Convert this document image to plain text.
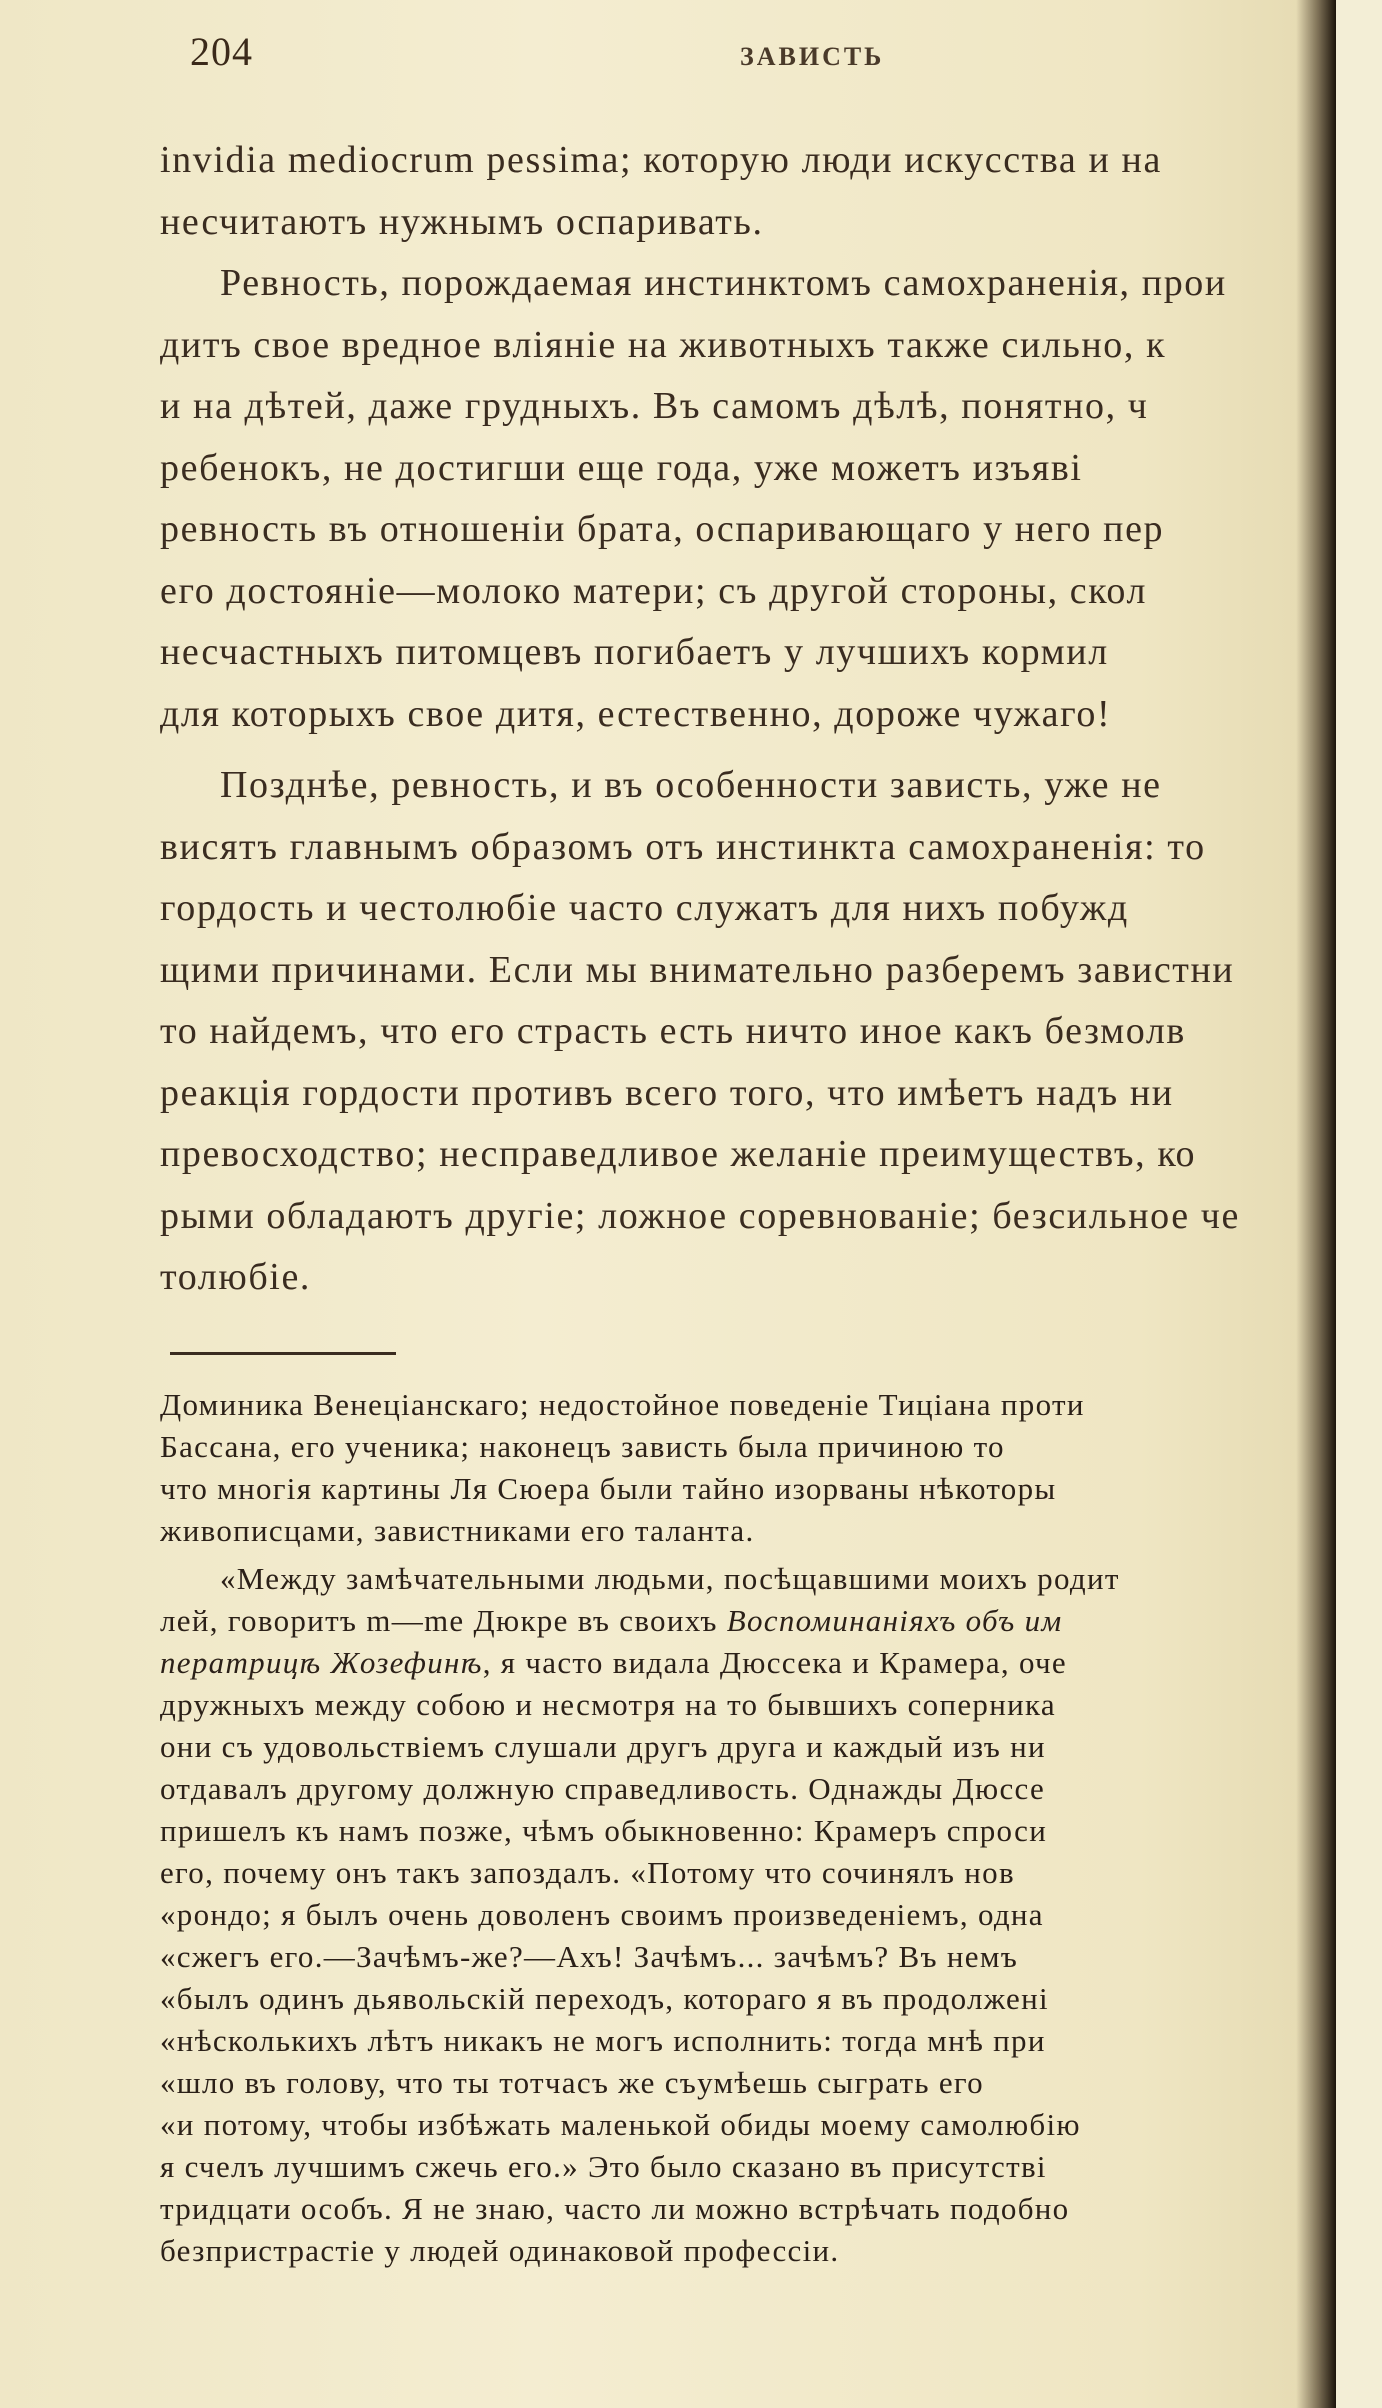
204	ЗАВИСТЬ
invidia mediocrum pessima; которую люди искусства и на
несчитаютъ нужнымъ оспаривать.
Ревность, порождаемая инстинктомъ самохраненія, прои
дитъ свое вредное вліяніе на животныхъ также сильно, к
и на дѣтей, даже грудныхъ. Въ самомъ дѣлѣ, понятно, ч
ребенокъ, не достигши еще года, уже можетъ изъяві
ревность въ отношеніи брата, оспаривающаго у него пер
его достояніе—молоко матери; съ другой стороны, скол
несчастныхъ питомцевъ погибаетъ у лучшихъ кормил
для которыхъ свое дитя, естественно, дороже чужаго!
Позднѣе, ревность, и въ особенности зависть, уже не
висятъ главнымъ образомъ отъ инстинкта самохраненія: то
гордость и честолюбіе часто служатъ для нихъ побужд
щими причинами. Если мы внимательно разберемъ завистни
то найдемъ, что его страсть есть ничто иное какъ безмолв
реакція гордости противъ всего того, что имѣетъ надъ ни
превосходство; несправедливое желаніе преимуществъ, ко
рыми обладаютъ другіе; ложное соревнованіе; безсильное че
толюбіе.
Доминика Венеціанскаго; недостойное поведеніе Тиціана проти
Бассана, его ученика; наконецъ зависть была причиною то
что многія картины Ля Сюера были тайно изорваны нѣкоторы
живописцами, завистниками его таланта.
«Между замѣчательными людьми, посѣщавшими моихъ родит
лей, говоритъ m—me Дюкре въ своихъ Воспоминаніяхъ объ им
ператрицѣ Жозефинѣ, я часто видала Дюссека и Крамера, оче
дружныхъ между собою и несмотря на то бывшихъ соперника
они съ удовольствіемъ слушали другъ друга и каждый изъ ни
отдавалъ другому должную справедливость. Однажды Дюссе
пришелъ къ намъ позже, чѣмъ обыкновенно: Крамеръ спроси
его, почему онъ такъ запоздалъ. «Потому что сочинялъ нов
«рондо; я былъ очень доволенъ своимъ произведеніемъ, одна
«сжегъ его.—Зачѣмъ-же?—Ахъ! Зачѣмъ... зачѣмъ? Въ немъ
«былъ одинъ дьявольскій переходъ, котораго я въ продолжені
«нѣсколькихъ лѣтъ никакъ не могъ исполнить: тогда мнѣ при
«шло въ голову, что ты тотчасъ же съумѣешь сыграть его
«и потому, чтобы избѣжать маленькой обиды моему самолюбію
я счелъ лучшимъ сжечь его.» Это было сказано въ присутстві
тридцати особъ. Я не знаю, часто ли можно встрѣчать подобно
безпристрастіе у людей одинаковой профессіи.
